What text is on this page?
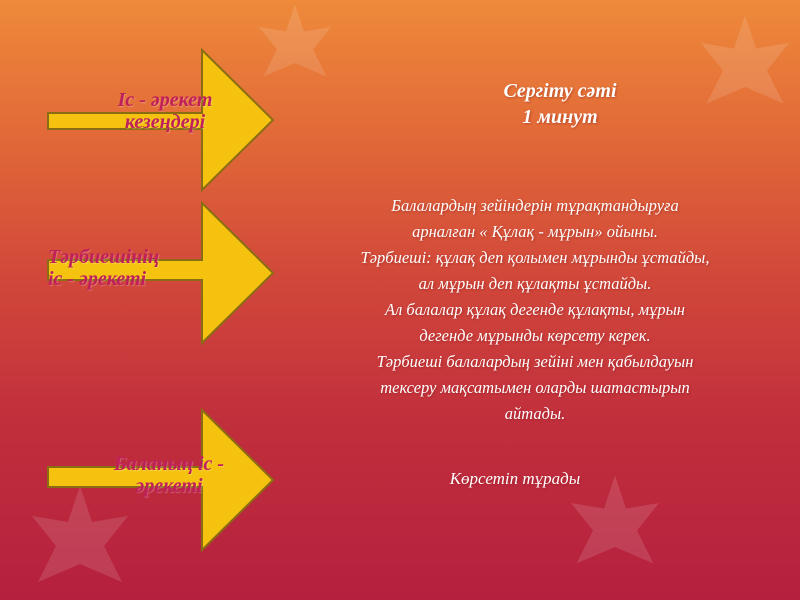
Іс - әрекет
кезеңдері
Тәрбиешінің
іс - әрекеті
Баланың іс -
әрекеті
Сергіту сәті
1 минут
Балалардың зейіндерін тұрақтандыруға
арналған « Құлақ - мұрын» ойыны.
Тәрбиеші: құлақ деп қолымен мұрынды ұстайды,
ал мұрын деп құлақты ұстайды.
Ал балалар құлақ дегенде құлақты, мұрын
дегенде мұрынды көрсету керек.
Тәрбиеші балалардың зейіні мен қабылдауын
тексеру мақсатымен оларды шатастырып
айтады.
Көрсетіп тұрады
